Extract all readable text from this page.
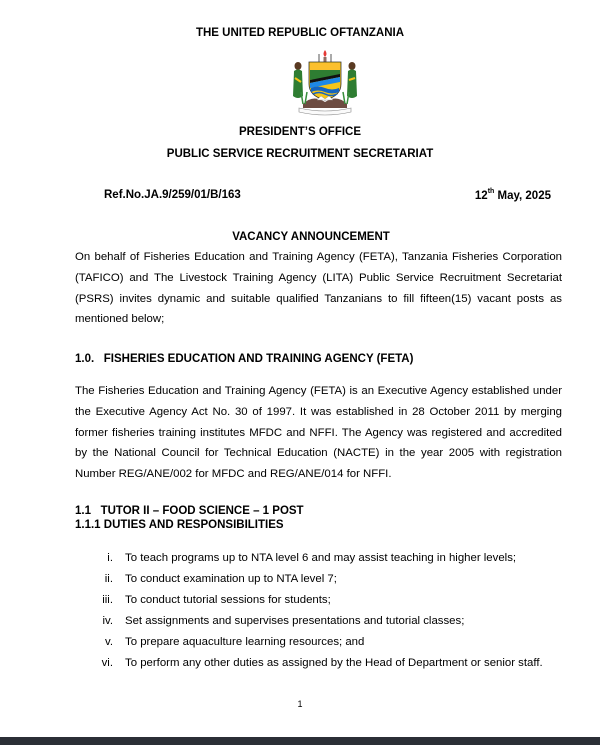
THE UNITED REPUBLIC OFTANZANIA
PRESIDENT’S OFFICE
PUBLIC SERVICE RECRUITMENT SECRETARIAT
Ref.No.JA.9/259/01/B/163	12th May, 2025
VACANCY ANNOUNCEMENT
On behalf of Fisheries Education and Training Agency (FETA), Tanzania Fisheries Corporation (TAFICO) and The Livestock Training Agency (LITA) Public Service Recruitment Secretariat (PSRS) invites dynamic and suitable qualified Tanzanians to fill fifteen(15) vacant posts as mentioned below;
1.0. FISHERIES EDUCATION AND TRAINING AGENCY (FETA)
The Fisheries Education and Training Agency (FETA) is an Executive Agency established under the Executive Agency Act No. 30 of 1997. It was established in 28 October 2011 by merging former fisheries training institutes MFDC and NFFI. The Agency was registered and accredited by the National Council for Technical Education (NACTE) in the year 2005 with registration Number REG/ANE/002 for MFDC and REG/ANE/014 for NFFI.
1.1 TUTOR II – FOOD SCIENCE – 1 POST
1.1.1 DUTIES AND RESPONSIBILITIES
i. To teach programs up to NTA level 6 and may assist teaching in higher levels;
ii. To conduct examination up to NTA level 7;
iii. To conduct tutorial sessions for students;
iv. Set assignments and supervises presentations and tutorial classes;
v. To prepare aquaculture learning resources; and
vi. To perform any other duties as assigned by the Head of Department or senior staff.
1
